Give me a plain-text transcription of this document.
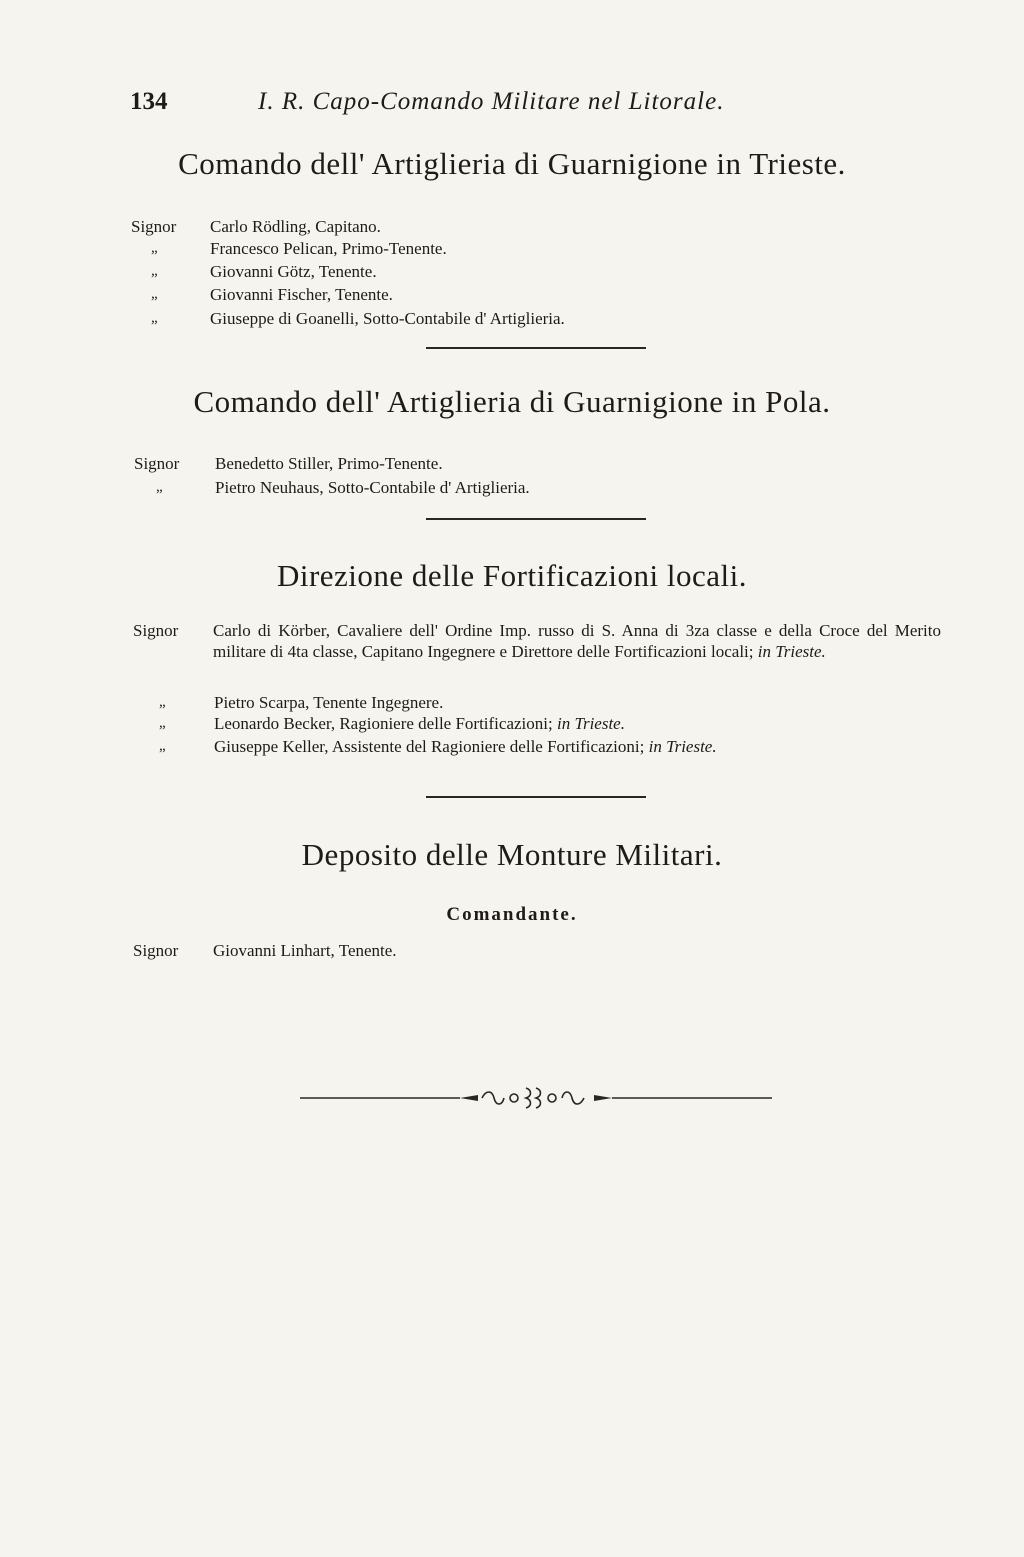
134	I. R. Capo-Comando Militare nel Litorale.
Comando dell' Artiglieria di Guarnigione in Trieste.
Signor Carlo Rödling, Capitano.
„	Francesco Pelican, Primo-Tenente.
„	Giovanni Götz, Tenente.
„	Giovanni Fischer, Tenente.
„	Giuseppe di Goanelli, Sotto-Contabile d' Artiglieria.
Comando dell' Artiglieria di Guarnigione in Pola.
Signor Benedetto Stiller, Primo-Tenente.
„	Pietro Neuhaus, Sotto-Contabile d' Artiglieria.
Direzione delle Fortificazioni locali.
Signor Carlo di Körber, Cavaliere dell' Ordine Imp. russo di S. Anna di 3za classe e della Croce del Merito militare di 4ta classe, Capitano Ingegnere e Direttore delle Fortificazioni locali; in Trieste.
„	Pietro Scarpa, Tenente Ingegnere.
„	Leonardo Becker, Ragioniere delle Fortificazioni; in Trieste.
„	Giuseppe Keller, Assistente del Ragioniere delle Fortificazioni; in Trieste.
Deposito delle Monture Militari.
Comandante.
Signor Giovanni Linhart, Tenente.
